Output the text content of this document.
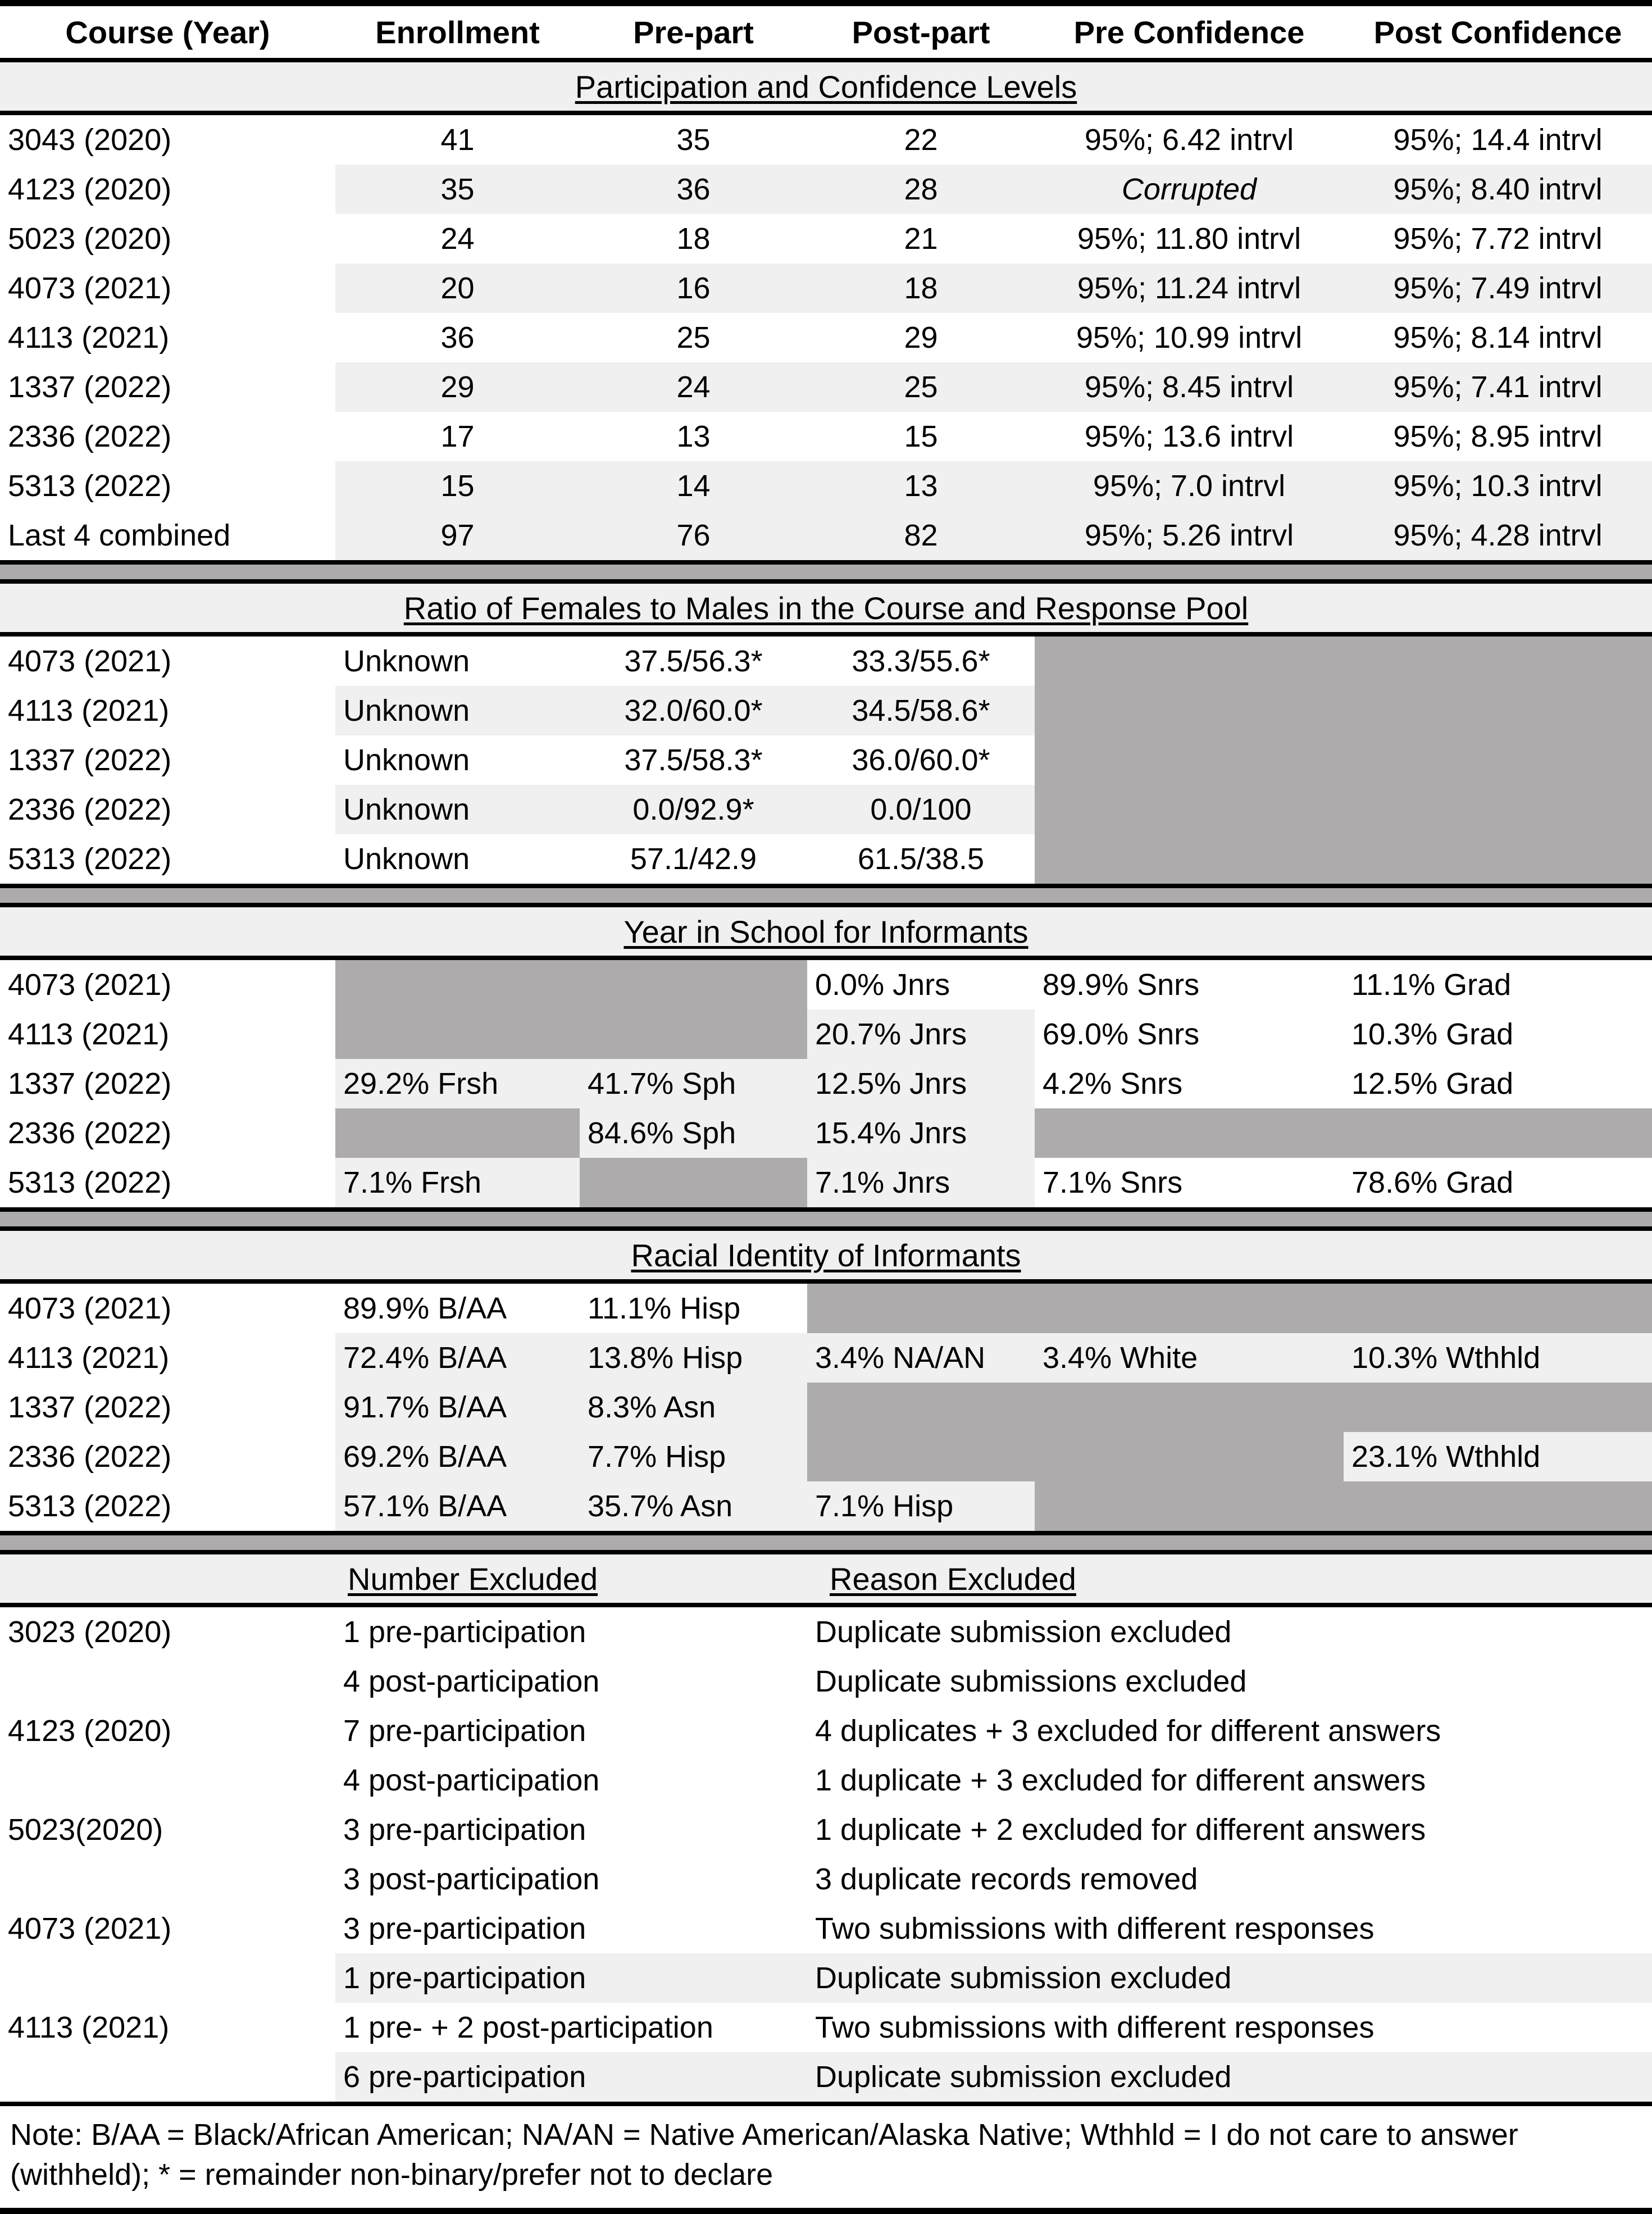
Course (Year)	Enrollment	Pre-part	Post-part	Pre Confidence	Post Confidence
Participation and Confidence Levels					
3043 (2020)	41	35	22	95%; 6.42 intrvl	95%; 14.4 intrvl
4123 (2020)	35	36	28	Corrupted	95%; 8.40 intrvl
5023 (2020)	24	18	21	95%; 11.80 intrvl	95%; 7.72 intrvl
4073 (2021)	20	16	18	95%; 11.24 intrvl	95%; 7.49 intrvl
4113 (2021)	36	25	29	95%; 10.99 intrvl	95%; 8.14 intrvl
1337 (2022)	29	24	25	95%; 8.45 intrvl	95%; 7.41 intrvl
2336 (2022)	17	13	15	95%; 13.6 intrvl	95%; 8.95 intrvl
5313 (2022)	15	14	13	95%; 7.0 intrvl	95%; 10.3 intrvl
Last 4 combined	97	76	82	95%; 5.26 intrvl	95%; 4.28 intrvl

Ratio of Females to Males in the Course and Response Pool					
4073 (2021)	Unknown	37.5/56.3*	33.3/55.6*		
4113 (2021)	Unknown	32.0/60.0*	34.5/58.6*		
1337 (2022)	Unknown	37.5/58.3*	36.0/60.0*		
2336 (2022)	Unknown	0.0/92.9*	0.0/100		
5313 (2022)	Unknown	57.1/42.9	61.5/38.5		

Year in School for Informants					
4073 (2021)			0.0% Jnrs	89.9% Snrs	11.1% Grad
4113 (2021)			20.7% Jnrs	69.0% Snrs	10.3% Grad
1337 (2022)	29.2% Frsh	41.7% Sph	12.5% Jnrs	4.2% Snrs	12.5% Grad
2336 (2022)		84.6% Sph	15.4% Jnrs		
5313 (2022)	7.1% Frsh		7.1% Jnrs	7.1% Snrs	78.6% Grad

Racial Identity of Informants					
4073 (2021)	89.9% B/AA	11.1% Hisp			
4113 (2021)	72.4% B/AA	13.8% Hisp	3.4% NA/AN	3.4% White	10.3% Wthhld
1337 (2022)	91.7% B/AA	8.3% Asn			
2336 (2022)	69.2% B/AA	7.7% Hisp			23.1% Wthhld
5313 (2022)	57.1% B/AA	35.7% Asn	7.1% Hisp		

	Number Excluded		Reason Excluded		
3023 (2020)	1 pre-participation		Duplicate submission excluded		
	4 post-participation		Duplicate submissions excluded		
4123 (2020)	7 pre-participation		4 duplicates + 3 excluded for different answers		
	4 post-participation		1 duplicate + 3 excluded for different answers		
5023(2020)	3 pre-participation		1 duplicate + 2 excluded for different answers		
	3 post-participation		3 duplicate records removed		
4073 (2021)	3 pre-participation		Two submissions with different responses		
	1 pre-participation		Duplicate submission excluded		
4113 (2021)	1 pre- + 2 post-participation		Two submissions with different responses		
	6 pre-participation		Duplicate submission excluded		
Note: B/AA = Black/African American; NA/AN = Native American/Alaska Native; Wthhld = I do not care to answer (withheld); * = remainder non-binary/prefer not to declare					
